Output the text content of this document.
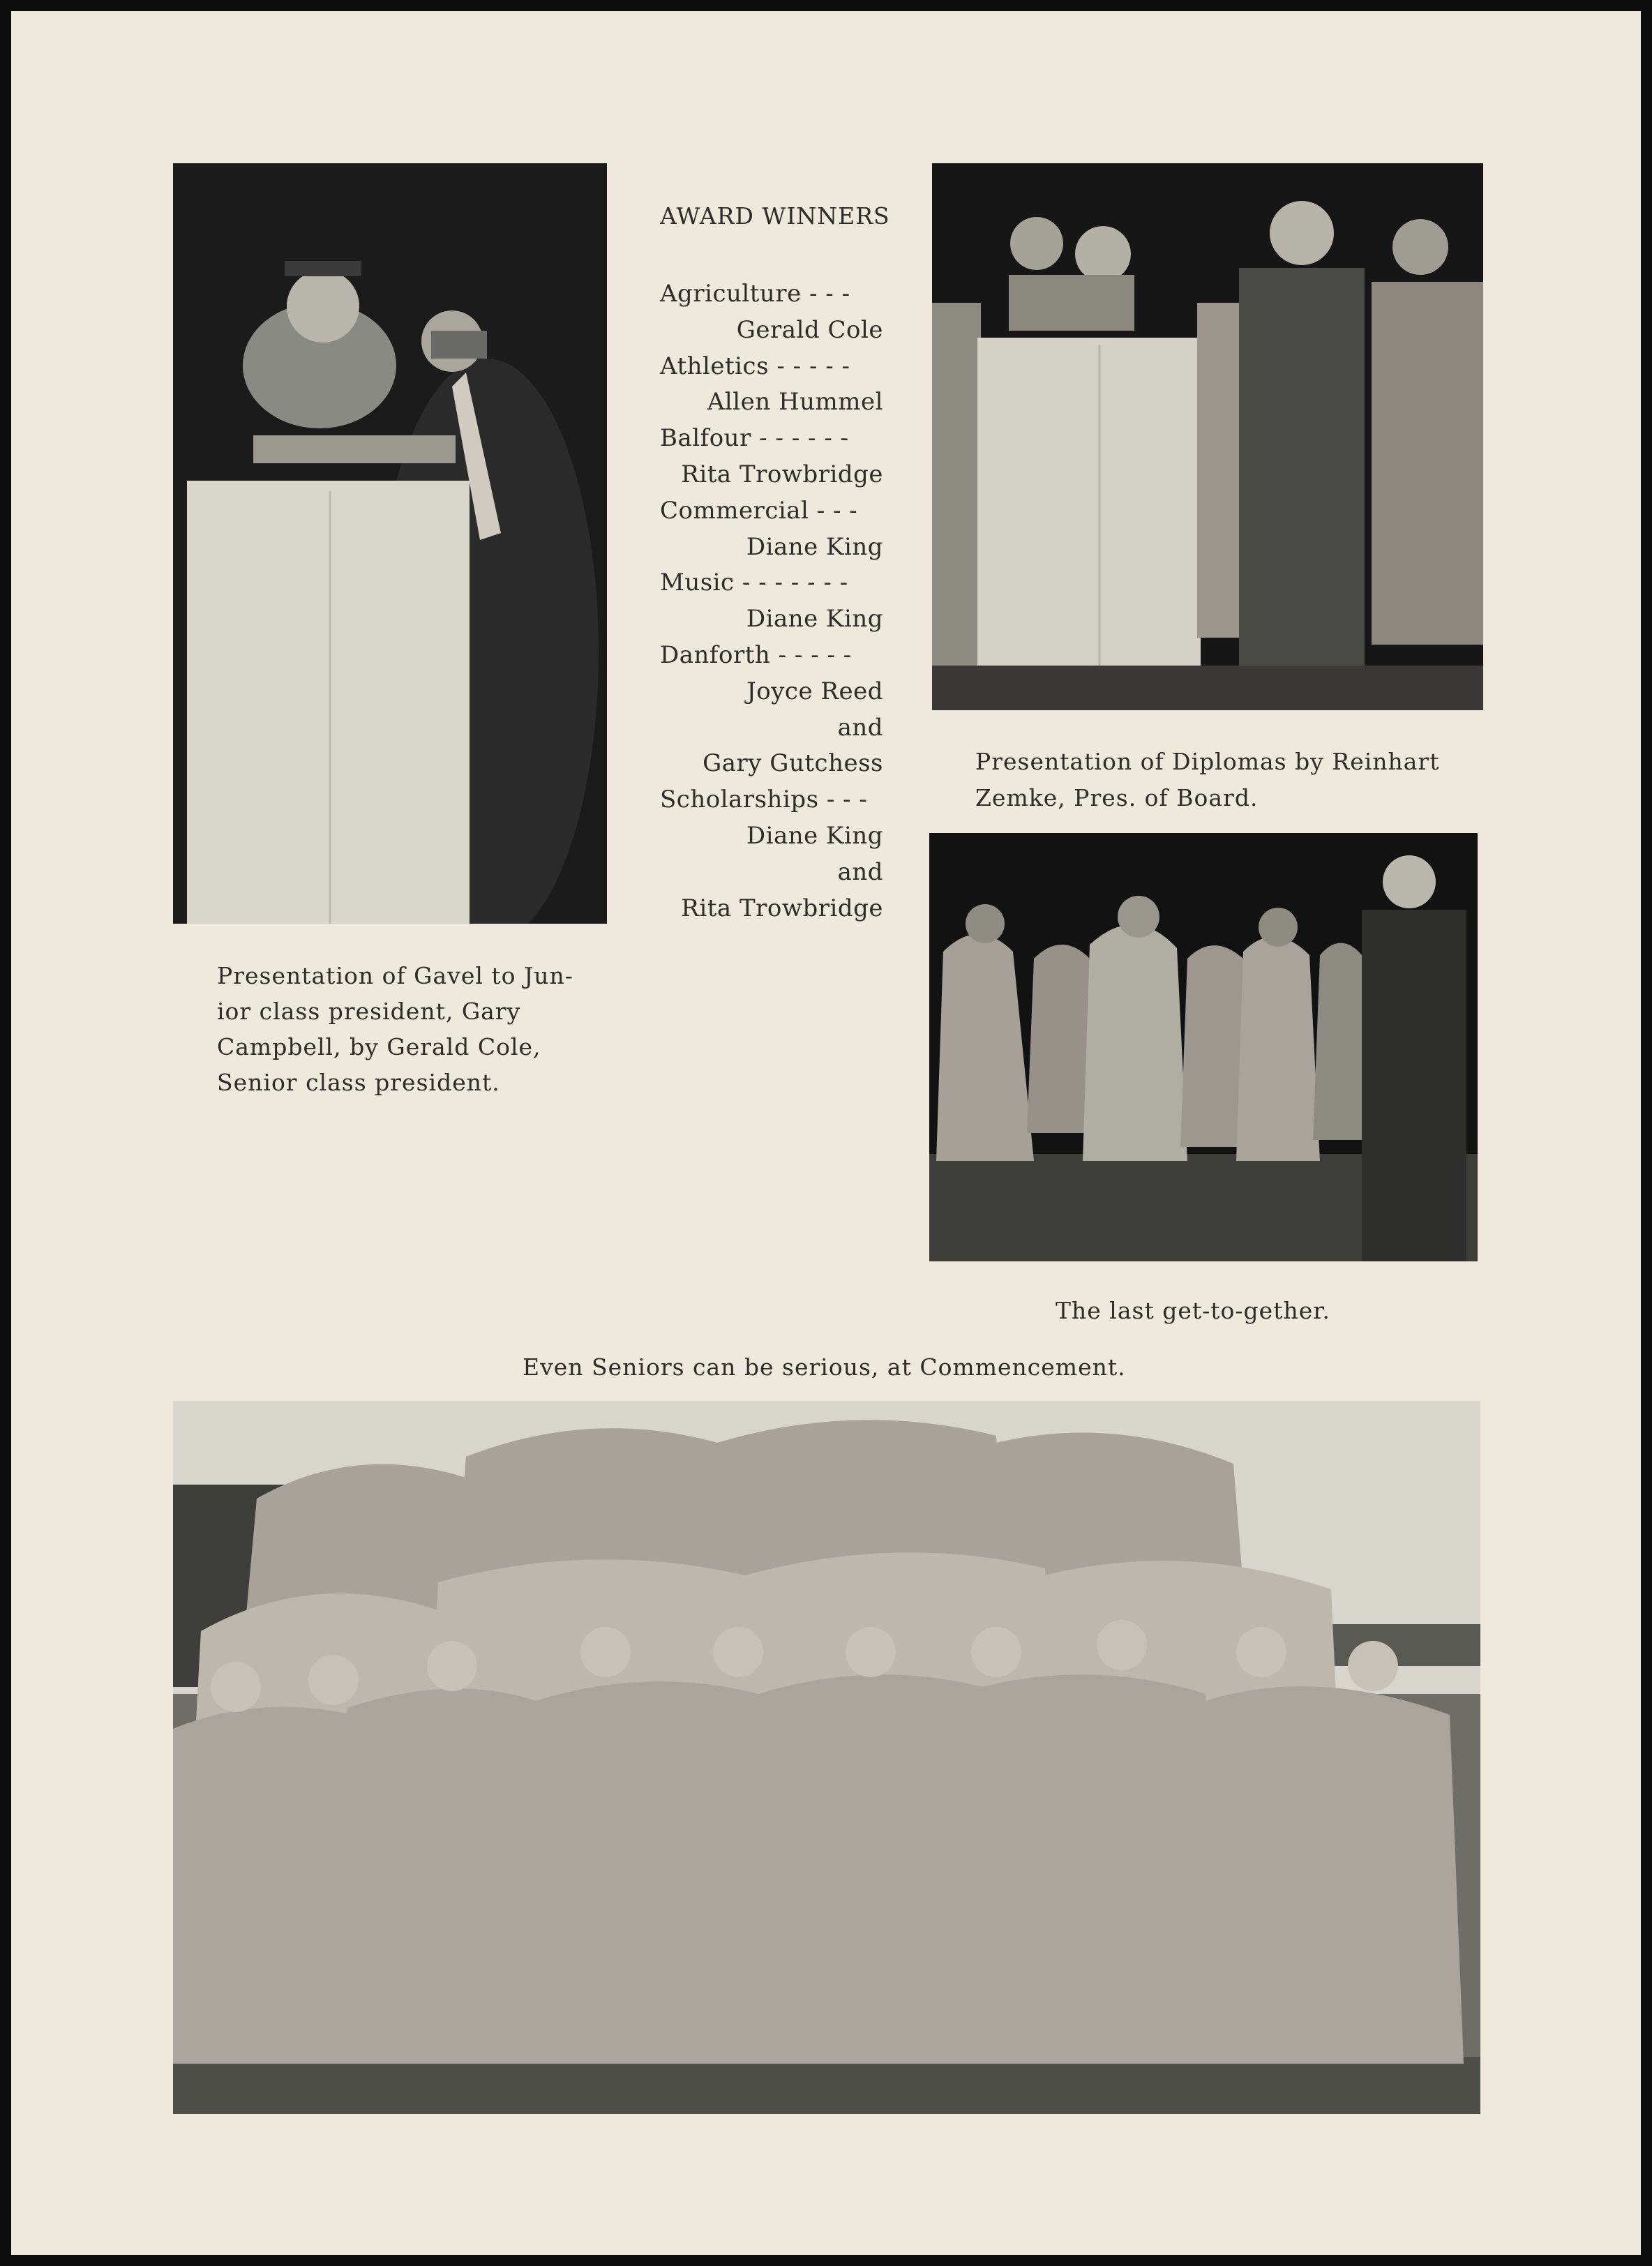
AWARD WINNERS
Agriculture - - -
Gerald Cole
Athletics - - - - -
Allen Hummel
Balfour - - - - - -
Rita Trowbridge
Commercial - - -
Diane King
Music - - - - - - -
Diane King
Danforth - - - - -
Joyce Reed
and
Gary Gutchess
Scholarships - - -
Diane King
and
Rita Trowbridge
Presentation of Gavel to Jun-
ior class president, Gary
Campbell, by Gerald Cole,
Senior class president.
Presentation of Diplomas by Reinhart
Zemke, Pres. of Board.
The last get-to-gether.
Even Seniors can be serious, at Commencement.
